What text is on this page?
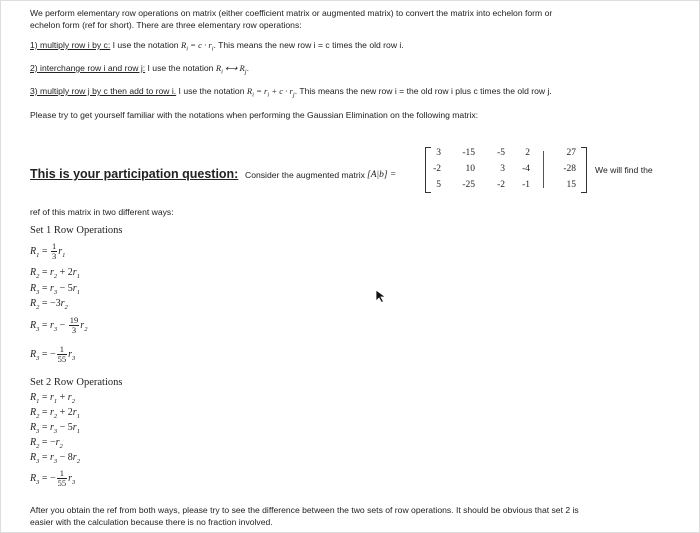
We perform elementary row operations on matrix (either coefficient matrix or augmented matrix) to convert the matrix into echelon form or
echelon form (ref for short). There are three elementary row operations:
1) multiply row i by c: I use the notation $R_i = c \cdot r_i$. This means the new row i = c times the old row i.
2) interchange row i and row j: I use the notation $R_i$ ⟷ $R_j$.
3) multiply row j by c then add to row i. I use the notation $R_i = r_i + c \cdot r_j$. This means the new row i = the old row i plus c times the old row j.
Please try to get yourself familiar with the notations when performing the Gaussian Elimination on the following matrix:
This is your participation question: Consider the augmented matrix [A|b] =
3	-15	-5	2	27
-2	10	3	-4	-28
5	-25	-2	-1	15
We will find the
ref of this matrix in two different ways:
Set 1 Row Operations
$R_1 = \frac{1}{3} r_1$
$R_2 = r_2 + 2r_1$
$R_3 = r_3 - 5r_1$
$R_2 = -3r_2$
$R_3 = r_3 - \frac{19}{3} r_2$
$R_3$ = − $\frac{1}{55} r_3$
Set 2 Row Operations
$R_1 = r_1 + r_2$
$R_2 = r_2 + 2r_1$
$R_3 = r_3 - 5r_1$
$R_2 = -r_2$
$R_3 = r_3 - 8r_2$
$R_3$ = − $\frac{1}{55} r_3$
After you obtain the ref from both ways, please try to see the difference between the two sets of row operations. It should be obvious that set 2 is
easier with the calculation because there is no fraction involved.
